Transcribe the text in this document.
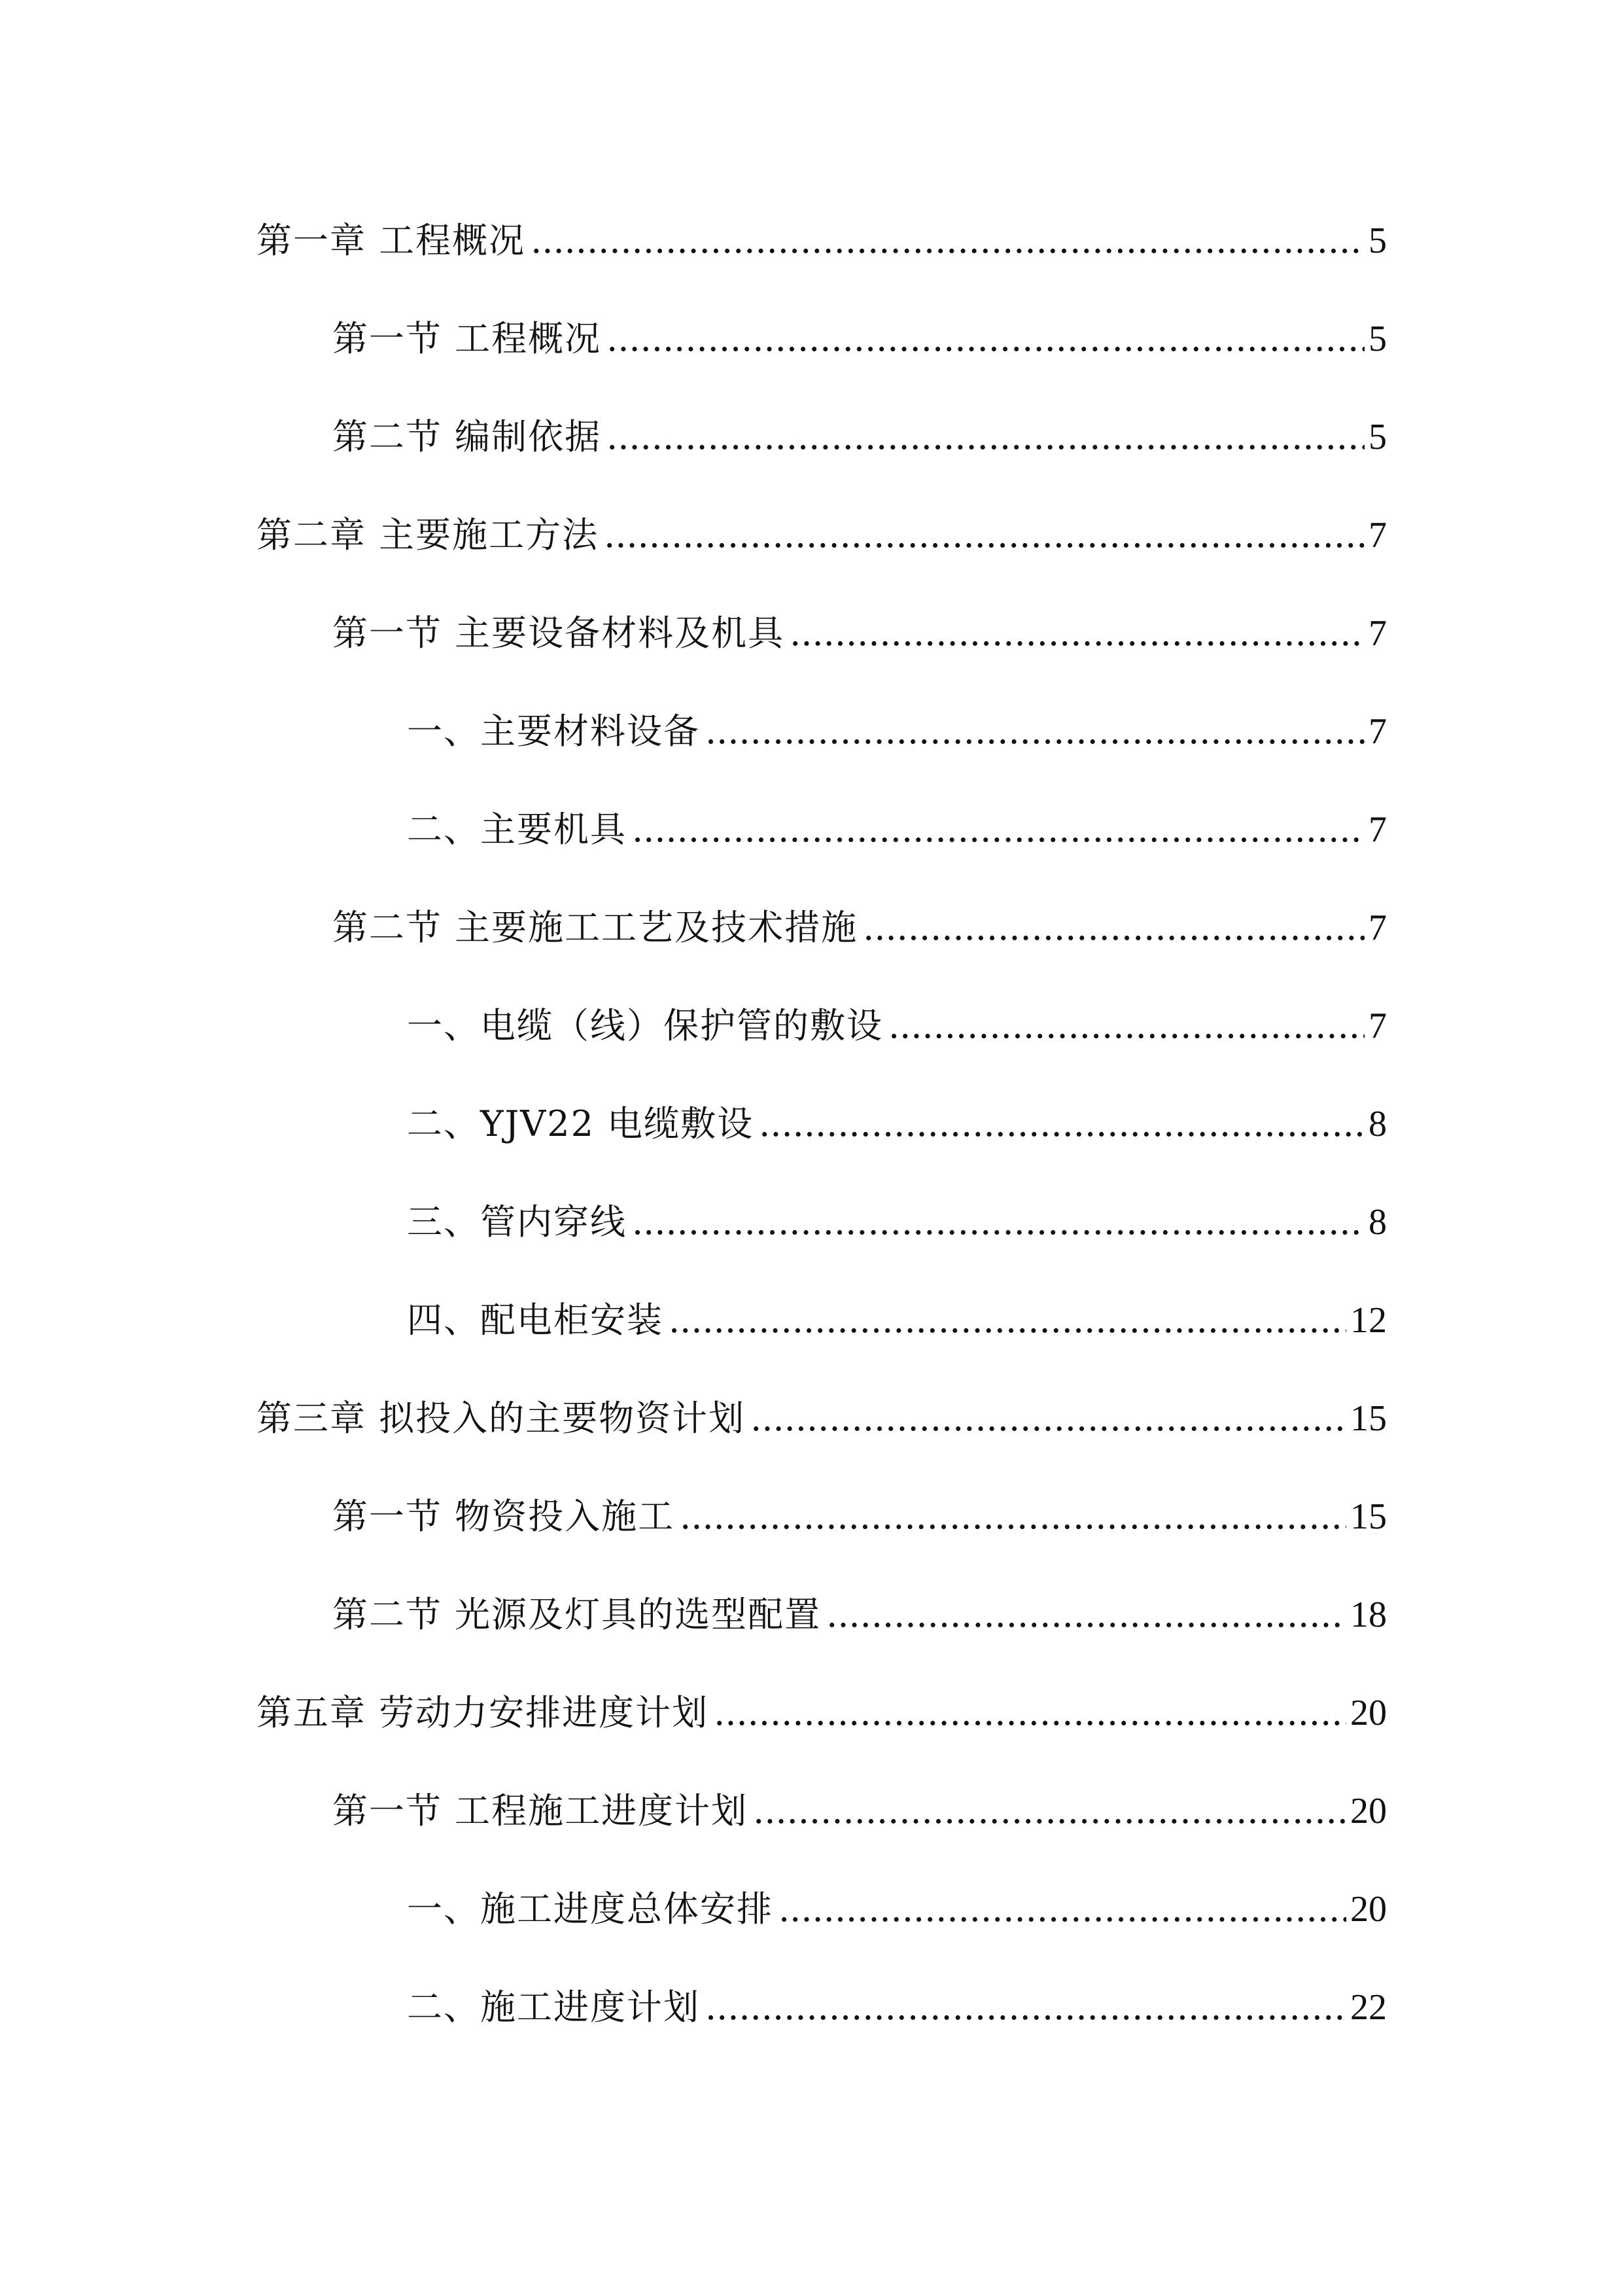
第一章 工程概况 .....	5
第一节 工程概况 .....	5
第二节 编制依据 .....	5
第二章 主要施工方法 .....	7
第一节 主要设备材料及机具 .....	7
一、主要材料设备 .....	7
二、主要机具 .....	7
第二节 主要施工工艺及技术措施 .....	7
一、电缆（线）保护管的敷设 .....	7
二、YJV22 电缆敷设 .....	8
三、管内穿线 .....	8
四、配电柜安装 .....	12
第三章 拟投入的主要物资计划 .....	15
第一节 物资投入施工 .....	15
第二节 光源及灯具的选型配置 .....	18
第五章 劳动力安排进度计划 .....	20
第一节 工程施工进度计划 .....	20
一、施工进度总体安排 .....	20
二、施工进度计划 .....	22
